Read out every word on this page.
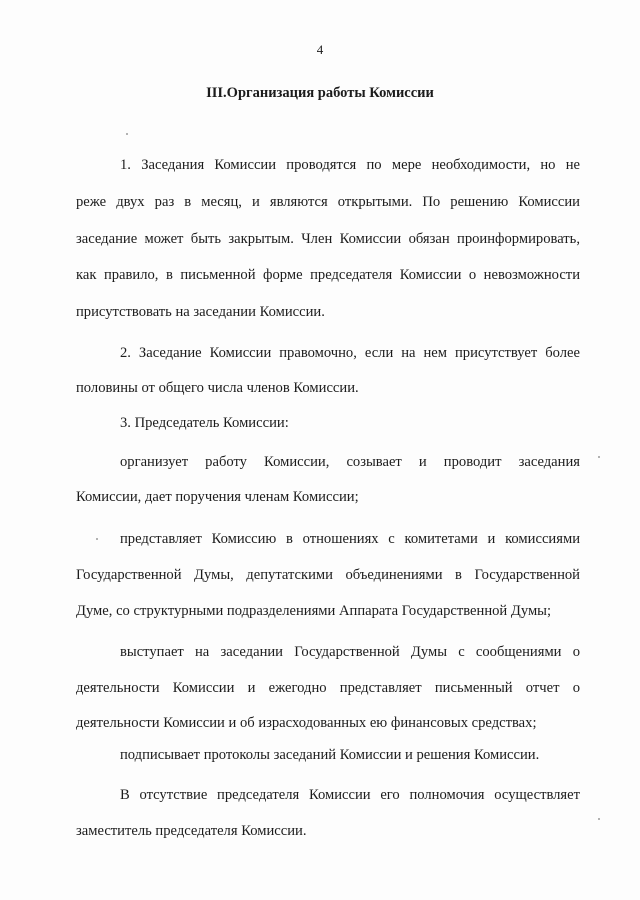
4
III.Организация работы Комиссии
1. Заседания Комиссии проводятся по мере необходимости, но не
реже двух раз в месяц, и являются открытыми. По решению Комиссии
заседание может быть закрытым. Член Комиссии обязан проинформировать,
как правило, в письменной форме председателя Комиссии о невозможности
присутствовать на заседании Комиссии.
2. Заседание Комиссии правомочно, если на нем присутствует более
половины от общего числа членов Комиссии.
3. Председатель Комиссии:
организует работу Комиссии, созывает и проводит заседания
Комиссии, дает поручения членам Комиссии;
представляет Комиссию в отношениях с комитетами и комиссиями
Государственной Думы, депутатскими объединениями в Государственной
Думе, со структурными подразделениями Аппарата Государственной Думы;
выступает на заседании Государственной Думы с сообщениями о
деятельности Комиссии и ежегодно представляет письменный отчет о
деятельности Комиссии и об израсходованных ею финансовых средствах;
подписывает протоколы заседаний Комиссии и решения Комиссии.
В отсутствие председателя Комиссии его полномочия осуществляет
заместитель председателя Комиссии.
